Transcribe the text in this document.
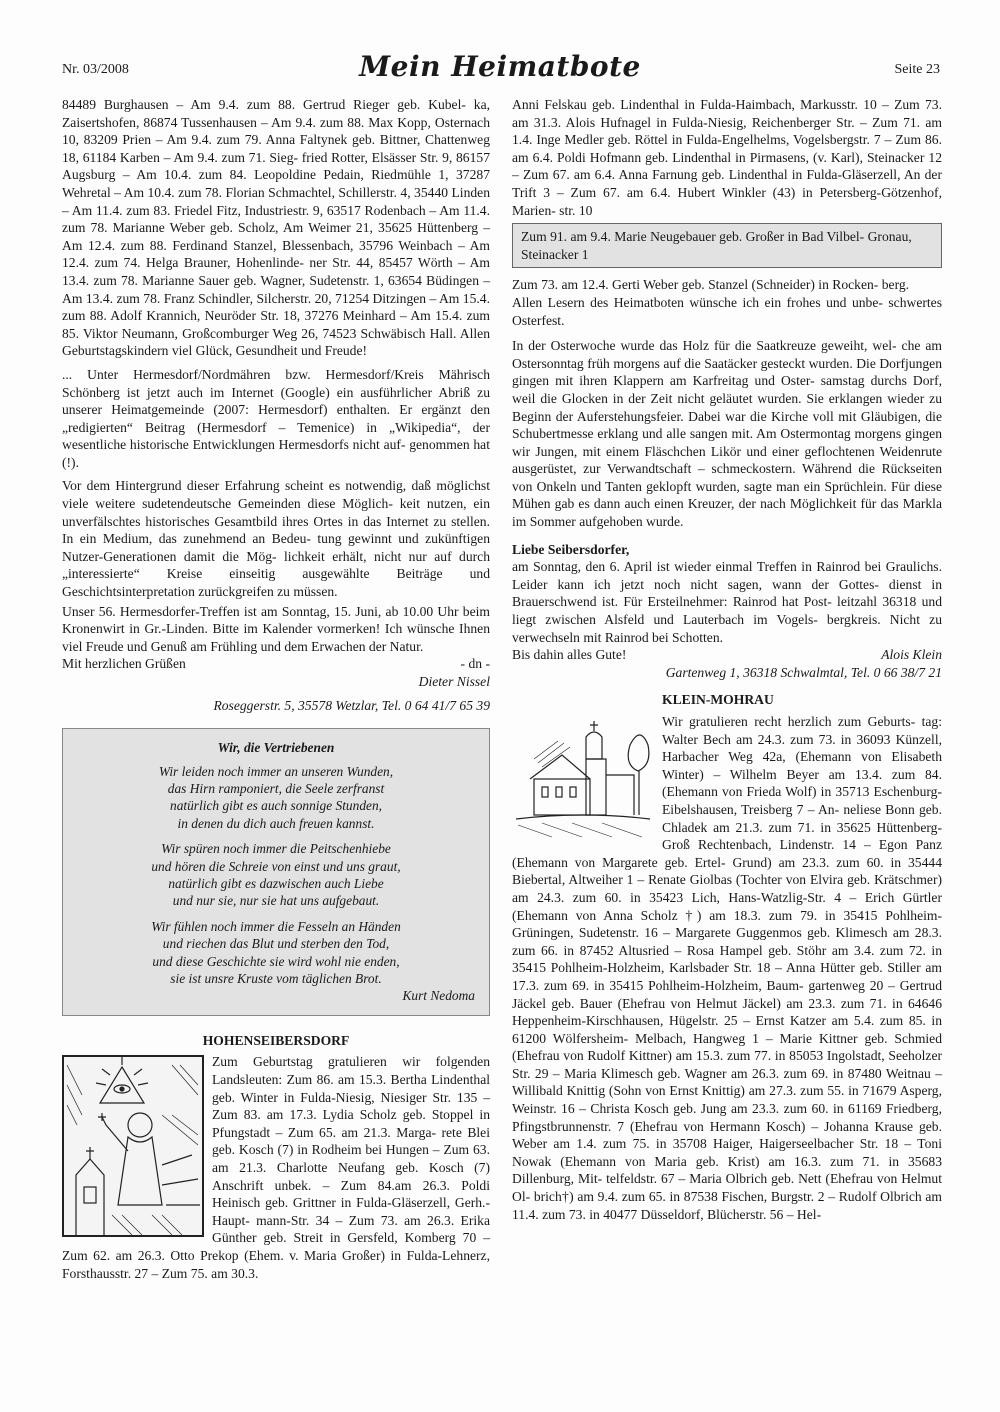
Nr. 03/2008	Mein Heimatbote	Seite 23

84489 Burghausen – Am 9.4. zum 88. Gertrud Rieger geb. Kubel- ka, Zaisertshofen, 86874 Tussenhausen – Am 9.4. zum 88. Max Kopp, Osternach 10, 83209 Prien – Am 9.4. zum 79. Anna Faltynek geb. Bittner, Chattenweg 18, 61184 Karben – Am 9.4. zum 71. Sieg- fried Rotter, Elsässer Str. 9, 86157 Augsburg – Am 10.4. zum 84. Leopoldine Pedain, Riedmühle 1, 37287 Wehretal – Am 10.4. zum 78. Florian Schmachtel, Schillerstr. 4, 35440 Linden – Am 11.4. zum 83. Friedel Fitz, Industriestr. 9, 63517 Rodenbach – Am 11.4. zum 78. Marianne Weber geb. Scholz, Am Weimer 21, 35625 Hüttenberg – Am 12.4. zum 88. Ferdinand Stanzel, Blessenbach, 35796 Weinbach – Am 12.4. zum 74. Helga Brauner, Hohenlinde- ner Str. 44, 85457 Wörth – Am 13.4. zum 78. Marianne Sauer geb. Wagner, Sudetenstr. 1, 63654 Büdingen – Am 13.4. zum 78. Franz Schindler, Silcherstr. 20, 71254 Ditzingen – Am 15.4. zum 88. Adolf Krannich, Neuröder Str. 18, 37276 Meinhard – Am 15.4. zum 85. Viktor Neumann, Großcomburger Weg 26, 74523 Schwäbisch Hall. Allen Geburtstagskindern viel Glück, Gesundheit und Freude!

... Unter Hermesdorf/Nordmähren bzw. Hermesdorf/Kreis Mährisch Schönberg ist jetzt auch im Internet (Google) ein ausführlicher Abriß zu unserer Heimatgemeinde (2007: Hermesdorf) enthalten. Er ergänzt den „redigierten“ Beitrag (Hermesdorf – Temenice) in „Wikipedia“, der wesentliche historische Entwicklungen Hermesdorfs nicht auf- genommen hat (!).

Vor dem Hintergrund dieser Erfahrung scheint es notwendig, daß möglichst viele weitere sudetendeutsche Gemeinden diese Möglich- keit nutzen, ein unverfälschtes historisches Gesamtbild ihres Ortes in das Internet zu stellen. In ein Medium, das zunehmend an Bedeu- tung gewinnt und zukünftigen Nutzer-Generationen damit die Mög- lichkeit erhält, nicht nur auf durch „interessierte“ Kreise einseitig ausgewählte Beiträge und Geschichtsinterpretation zurückgreifen zu müssen.

Unser 56. Hermesdorfer-Treffen ist am Sonntag, 15. Juni, ab 10.00 Uhr beim Kronenwirt in Gr.-Linden. Bitte im Kalender vormerken! Ich wünsche Ihnen viel Freude und Genuß am Frühling und dem Erwachen der Natur.

Mit herzlichen Grüßen	- dn -

Dieter Nissel

Roseggerstr. 5, 35578 Wetzlar, Tel. 0 64 41/7 65 39

Wir, die Vertriebenen
Wir leiden noch immer an unseren Wunden,
das Hirn ramponiert, die Seele zerfranst
natürlich gibt es auch sonnige Stunden,
in denen du dich auch freuen kannst.
Wir spüren noch immer die Peitschenhiebe
und hören die Schreie von einst und uns graut,
natürlich gibt es dazwischen auch Liebe
und nur sie, nur sie hat uns aufgebaut.
Wir fühlen noch immer die Fesseln an Händen
und riechen das Blut und sterben den Tod,
und diese Geschichte sie wird wohl nie enden,
sie ist unsre Kruste vom täglichen Brot.
Kurt Nedoma
HOHENSEIBERSDORF

Zum Geburtstag gratulieren wir folgenden Landsleuten: Zum 86. am 15.3. Bertha Lindenthal geb. Winter in Fulda-Niesig, Niesiger Str. 135 – Zum 83. am 17.3. Lydia Scholz geb. Stoppel in Pfungstadt – Zum 65. am 21.3. Marga- rete Blei geb. Kosch (7) in Rodheim bei Hungen – Zum 63. am 21.3. Charlotte Neufang geb. Kosch (7) Anschrift unbek. – Zum 84.am 26.3. Poldi Heinisch geb. Grittner in Fulda-Gläserzell, Gerh.-Haupt- mann-Str. 34 – Zum 73. am 26.3. Erika Günther geb. Streit in Gersfeld, Komberg 70 – Zum 62. am 26.3. Otto Prekop (Ehem. v. Maria Großer) in Fulda-Lehnerz, Forsthausstr. 27 – Zum 75. am 30.3.

Anni Felskau geb. Lindenthal in Fulda-Haimbach, Markusstr. 10 – Zum 73. am 31.3. Alois Hufnagel in Fulda-Niesig, Reichenberger Str. – Zum 71. am 1.4. Inge Medler geb. Röttel in Fulda-Engelhelms, Vogelsbergstr. 7 – Zum 86. am 6.4. Poldi Hofmann geb. Lindenthal in Pirmasens, (v. Karl), Steinacker 12 – Zum 67. am 6.4. Anna Farnung geb. Lindenthal in Fulda-Gläserzell, An der Trift 3 – Zum 67. am 6.4. Hubert Winkler (43) in Petersberg-Götzenhof, Marien- str. 10

Zum 91. am 9.4. Marie Neugebauer geb. Großer in Bad Vilbel- Gronau, Steinacker 1

Zum 73. am 12.4. Gerti Weber geb. Stanzel (Schneider) in Rocken- berg.

Allen Lesern des Heimatboten wünsche ich ein frohes und unbe- schwertes Osterfest.

In der Osterwoche wurde das Holz für die Saatkreuze geweiht, wel- che am Ostersonntag früh morgens auf die Saatäcker gesteckt wurden. Die Dorfjungen gingen mit ihren Klappern am Karfreitag und Oster- samstag durchs Dorf, weil die Glocken in der Zeit nicht geläutet wurden. Sie erklangen wieder zu Beginn der Auferstehungsfeier. Dabei war die Kirche voll mit Gläubigen, die Schubertmesse erklang und alle sangen mit. Am Ostermontag morgens gingen wir Jungen, mit einem Fläschchen Likör und einer geflochtenen Weidenrute ausgerüstet, zur Verwandtschaft – schmeckostern. Während die Rückseiten von Onkeln und Tanten geklopft wurden, sagte man ein Sprüchlein. Für diese Mühen gab es dann auch einen Kreuzer, der nach Möglichkeit für das Markla im Sommer aufgehoben wurde.

Liebe Seibersdorfer,

am Sonntag, den 6. April ist wieder einmal Treffen in Rainrod bei Graulichs. Leider kann ich jetzt noch nicht sagen, wann der Gottes- dienst in Brauerschwend ist. Für Ersteilnehmer: Rainrod hat Post- leitzahl 36318 und liegt zwischen Alsfeld und Lauterbach im Vogels- bergkreis. Nicht zu verwechseln mit Rainrod bei Schotten.

Bis dahin alles Gute!	Alois Klein

Gartenweg 1, 36318 Schwalmtal, Tel. 0 66 38/7 21

KLEIN-MOHRAU

Wir gratulieren recht herzlich zum Geburts- tag: Walter Bech am 24.3. zum 73. in 36093 Künzell, Harbacher Weg 42a, (Ehemann von Elisabeth Winter) – Wilhelm Beyer am 13.4. zum 84. (Ehemann von Frieda Wolf) in 35713 Eschenburg-Eibelshausen, Treisberg 7 – An- neliese Bonn geb. Chladek am 21.3. zum 71. in 35625 Hüttenberg-Groß Rechtenbach, Lindenstr. 14 – Egon Panz (Ehemann von Margarete geb. Ertel- Grund) am 23.3. zum 60. in 35444 Biebertal, Altweiher 1 – Renate Giolbas (Tochter von Elvira geb. Krätschmer) am 24.3. zum 60. in 35423 Lich, Hans-Watzlig-Str. 4 – Erich Gürtler (Ehemann von Anna Scholz †) am 18.3. zum 79. in 35415 Pohlheim-Grüningen, Sudetenstr. 16 – Margarete Guggenmos geb. Klimesch am 28.3. zum 66. in 87452 Altusried – Rosa Hampel geb. Stöhr am 3.4. zum 72. in 35415 Pohlheim-Holzheim, Karlsbader Str. 18 – Anna Hütter geb. Stiller am 17.3. zum 69. in 35415 Pohlheim-Holzheim, Baum- gartenweg 20 – Gertrud Jäckel geb. Bauer (Ehefrau von Helmut Jäckel) am 23.3. zum 71. in 64646 Heppenheim-Kirschhausen, Hügelstr. 25 – Ernst Katzer am 5.4. zum 85. in 61200 Wölfersheim- Melbach, Hangweg 1 – Marie Kittner geb. Schmied (Ehefrau von Rudolf Kittner) am 15.3. zum 77. in 85053 Ingolstadt, Seeholzer Str. 29 – Maria Klimesch geb. Wagner am 26.3. zum 69. in 87480 Weitnau – Willibald Knittig (Sohn von Ernst Knittig) am 27.3. zum 55. in 71679 Asperg, Weinstr. 16 – Christa Kosch geb. Jung am 23.3. zum 60. in 61169 Friedberg, Pfingstbrunnenstr. 7 (Ehefrau von Hermann Kosch) – Johanna Krause geb. Weber am 1.4. zum 75. in 35708 Haiger, Haigerseelbacher Str. 18 – Toni Nowak (Ehemann von Maria geb. Krist) am 16.3. zum 71. in 35683 Dillenburg, Mit- telfeldstr. 67 – Maria Olbrich geb. Nett (Ehefrau von Helmut Ol- brich†) am 9.4. zum 65. in 87538 Fischen, Burgstr. 2 – Rudolf Olbrich am 11.4. zum 73. in 40477 Düsseldorf, Blücherstr. 56 – Hel-
